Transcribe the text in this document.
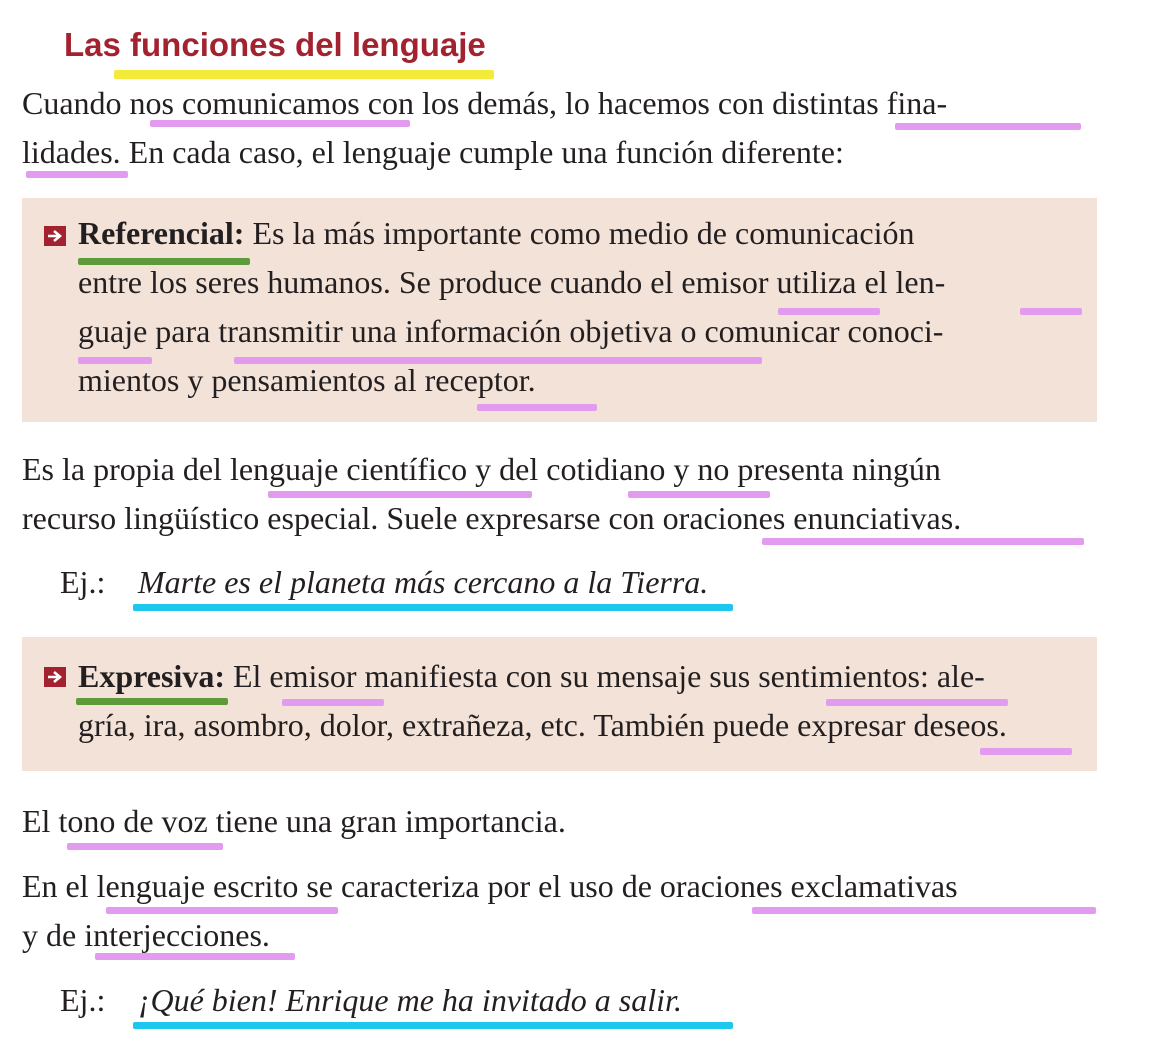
Las funciones del lenguaje

Cuando nos comunicamos con los demás, lo hacemos con distintas fina-
lidades. En cada caso, el lenguaje cumple una función diferente:

Referencial: Es la más importante como medio de comunicación
entre los seres humanos. Se produce cuando el emisor utiliza el len-
guaje para transmitir una información objetiva o comunicar conoci-
mientos y pensamientos al receptor.

Es la propia del lenguaje científico y del cotidiano y no presenta ningún
recurso lingüístico especial. Suele expresarse con oraciones enunciativas.

Ej.: Marte es el planeta más cercano a la Tierra.

Expresiva: El emisor manifiesta con su mensaje sus sentimientos: ale-
gría, ira, asombro, dolor, extrañeza, etc. También puede expresar deseos.

El tono de voz tiene una gran importancia.

En el lenguaje escrito se caracteriza por el uso de oraciones exclamativas
y de interjecciones.

Ej.: ¡Qué bien! Enrique me ha invitado a salir.
